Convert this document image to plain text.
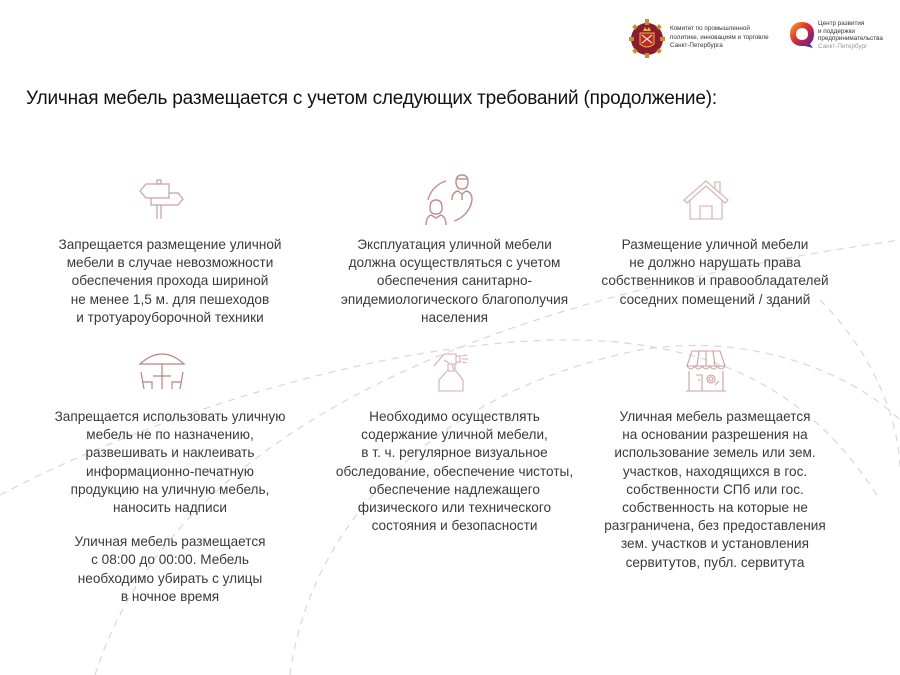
Комитет по промышленной
политике, инновациям и торговле
Санкт-Петербурга
Центр развития
и поддержки
предпринимательства
Санкт-Петербург
Уличная мебель размещается с учетом следующих требований (продолжение):
Запрещается размещение уличной
мебели в случае невозможности
обеспечения прохода шириной
не менее 1,5 м. для пешеходов
и тротуароуборочной техники
Эксплуатация уличной мебели
должна осуществляться с учетом
обеспечения санитарно-
эпидемиологического благополучия
населения
Размещение уличной мебели
не должно нарушать права
собственников и правообладателей
соседних помещений / зданий
Запрещается использовать уличную
мебель не по назначению,
развешивать и наклеивать
информационно-печатную
продукцию на уличную мебель,
наносить надписи
Уличная мебель размещается
с 08:00 до 00:00. Мебель
необходимо убирать с улицы
в ночное время
Необходимо осуществлять
содержание уличной мебели,
в т. ч. регулярное визуальное
обследование, обеспечение чистоты,
обеспечение надлежащего
физического или технического
состояния и безопасности
Уличная мебель размещается
на основании разрешения на
использование земель или зем.
участков, находящихся в гос.
собственности СПб или гос.
собственность на которые не
разграничена, без предоставления
зем. участков и установления
сервитутов, публ. сервитута
